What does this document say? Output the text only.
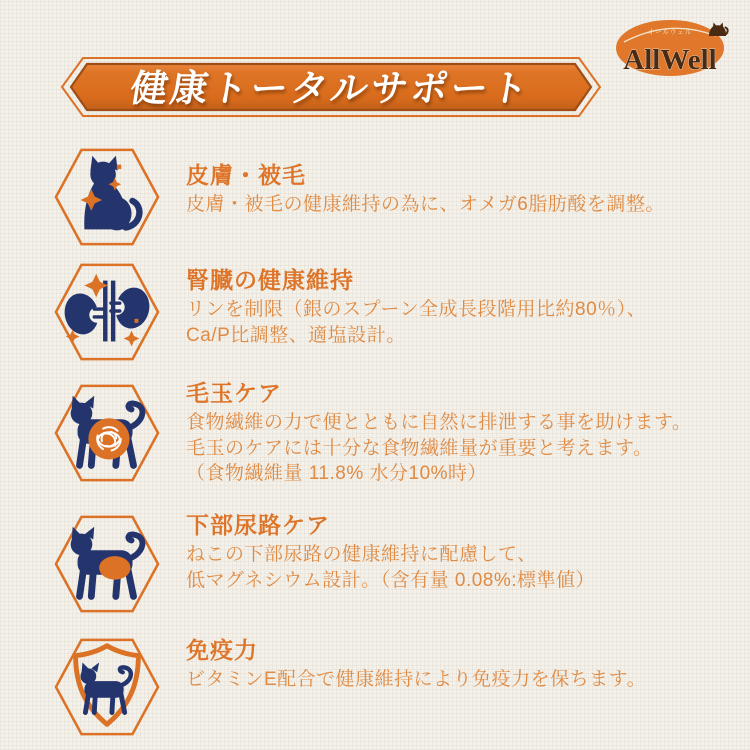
オールウェル
AllWell
健康トータルサポート
皮膚・被毛

皮膚・被毛の健康維持の為に、オメガ6脂肪酸を調整。

腎臓の健康維持

リンを制限（銀のスプーン全成長段階用比約80％）、

Ca/P比調整、適塩設計。

毛玉ケア

食物繊維の力で便とともに自然に排泄する事を助けます。

毛玉のケアには十分な食物繊維量が重要と考えます。

（食物繊維量 11.8% 水分10%時）

下部尿路ケア

ねこの下部尿路の健康維持に配慮して、

低マグネシウム設計。（含有量 0.08%:標準値）

免疫力

ビタミンE配合で健康維持により免疫力を保ちます。
